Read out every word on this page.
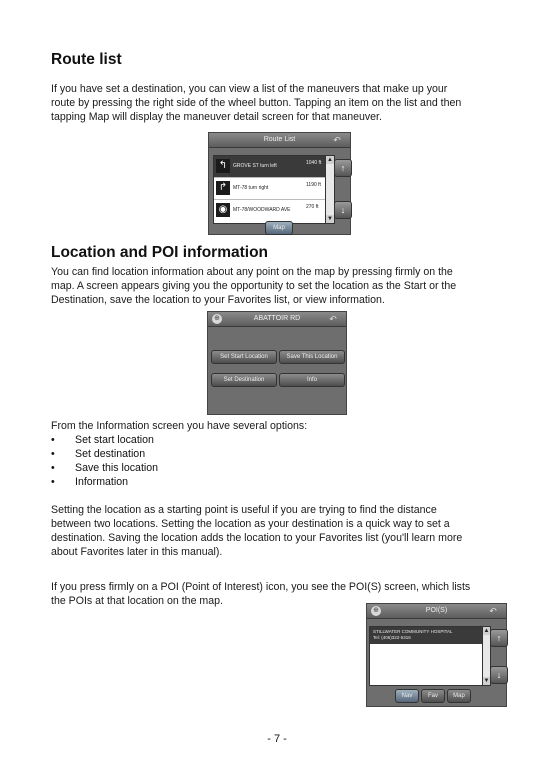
Route list
If you have set a destination, you can view a list of the maneuvers that make up your
route by pressing the right side of the wheel button. Tapping an item on the list and then
tapping Map will display the maneuver detail screen for that maneuver.
Route List	↶
↰	GROVE ST turn left	1040 ft
↱	MT-78 turn right	1190 ft
◉	MT-78/WOODWARD AVE	270 ft
▲
▼
↑
↓
Map
Location and POI information
You can find location information about any point on the map by pressing firmly on the
map. A screen appears giving you the opportunity to set the location as the Start or the
Destination, save the location to your Favorites list, or view information.
⊕	ABATTOIR RD	↶
Set Start Location	Save This Location
Set Destination	Info
From the Information screen you have several options:
• Set start location
• Set destination
• Save this location
• Information
Setting the location as a starting point is useful if you are trying to find the distance
between two locations. Setting the location as your destination is a quick way to set a
destination. Saving the location adds the location to your Favorites list (you'll learn more
about Favorites later in this manual).
If you press firmly on a POI (Point of Interest) icon, you see the POI(S) screen, which lists
the POIs at that location on the map.
⊕	POI(S)	↶
STILLWATER COMMUNITY HOSPITAL
Tel: (406)322-5316
▲
▼
↑
↓
Nav	Fav	Map
- 7 -
